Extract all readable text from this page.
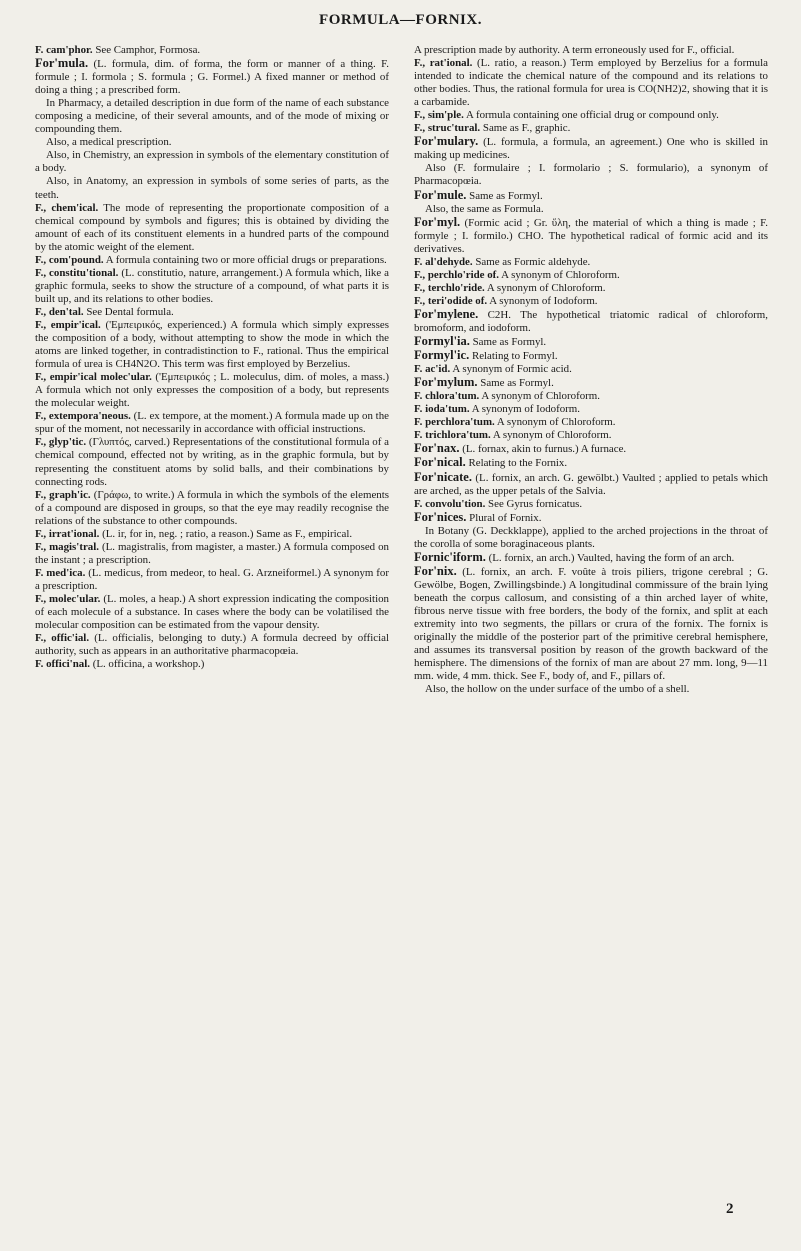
FORMULA—FORNIX.

F. cam'phor. See Camphor, Formosa.

For'mula. (L. formula, dim. of forma, the form or manner of a thing. F. formule ; I. formola ; S. formula ; G. Formel.) A fixed manner or method of doing a thing ; a prescribed form.

In Pharmacy, a detailed description in due form of the name of each substance composing a medicine, of their several amounts, and of the mode of mixing or compounding them.

Also, a medical prescription.

Also, in Chemistry, an expression in symbols of the elementary constitution of a body.

Also, in Anatomy, an expression in symbols of some series of parts, as the teeth.

F., chem'ical. The mode of representing the proportionate composition of a chemical compound by symbols and figures; this is obtained by dividing the amount of each of its constituent elements in a hundred parts of the compound by the atomic weight of the element.

F., com'pound. A formula containing two or more official drugs or preparations.

F., constitu'tional. (L. constitutio, nature, arrangement.) A formula which, like a graphic formula, seeks to show the structure of a compound, of what parts it is built up, and its relations to other bodies.

F., den'tal. See Dental formula.

F., empir'ical. ('Εμπειρικός, experienced.) A formula which simply expresses the composition of a body, without attempting to show the mode in which the atoms are linked together, in contradistinction to F., rational. Thus the empirical formula of urea is CH4N2O. This term was first employed by Berzelius.

F., empir'ical molec'ular. ('Εμπειρικός ; L. moleculus, dim. of moles, a mass.) A formula which not only expresses the composition of a body, but represents the molecular weight.

F., extempora'neous. (L. ex tempore, at the moment.) A formula made up on the spur of the moment, not necessarily in accordance with official instructions.

F., glyp'tic. (Γλυπτός, carved.) Representations of the constitutional formula of a chemical compound, effected not by writing, as in the graphic formula, but by representing the constituent atoms by solid balls, and their combinations by connecting rods.

F., graph'ic. (Γράφω, to write.) A formula in which the symbols of the elements of a compound are disposed in groups, so that the eye may readily recognise the relations of the substance to other compounds.

F., irrat'ional. (L. ir, for in, neg. ; ratio, a reason.) Same as F., empirical.

F., magis'tral. (L. magistralis, from magister, a master.) A formula composed on the instant ; a prescription.

F. med'ica. (L. medicus, from medeor, to heal. G. Arzneiformel.) A synonym for a prescription.

F., molec'ular. (L. moles, a heap.) A short expression indicating the composition of each molecule of a substance. In cases where the body can be volatilised the molecular composition can be estimated from the vapour density.

F., offic'ial. (L. officialis, belonging to duty.) A formula decreed by official authority, such as appears in an authoritative pharmacopœia.

F. offici'nal. (L. officina, a workshop.)

A prescription made by authority. A term erroneously used for F., official.

F., rat'ional. (L. ratio, a reason.) Term employed by Berzelius for a formula intended to indicate the chemical nature of the compound and its relations to other bodies. Thus, the rational formula for urea is CO(NH2)2, showing that it is a carbamide.

F., sim'ple. A formula containing one official drug or compound only.

F., struc'tural. Same as F., graphic.

For'mulary. (L. formula, a formula, an agreement.) One who is skilled in making up medicines.

Also (F. formulaire ; I. formolario ; S. formulario), a synonym of Pharmacopœia.

For'mule. Same as Formyl.

Also, the same as Formula.

For'myl. (Formic acid ; Gr. ὕλη, the material of which a thing is made ; F. formyle ; I. formilo.) CHO. The hypothetical radical of formic acid and its derivatives.

F. al'dehyde. Same as Formic aldehyde.

F., perchlo'ride of. A synonym of Chloroform.

F., terchlo'ride. A synonym of Chloroform.

F., teri'odide of. A synonym of Iodoform.

For'mylene. C2H. The hypothetical triatomic radical of chloroform, bromoform, and iodoform.

Formyl'ia. Same as Formyl.

Formyl'ic. Relating to Formyl.

F. ac'id. A synonym of Formic acid.

For'mylum. Same as Formyl.

F. chlora'tum. A synonym of Chloroform.

F. ioda'tum. A synonym of Iodoform.

F. perchlora'tum. A synonym of Chloroform.

F. trichlora'tum. A synonym of Chloroform.

For'nax. (L. fornax, akin to furnus.) A furnace.

For'nical. Relating to the Fornix.

For'nicate. (L. fornix, an arch. G. gewölbt.) Vaulted ; applied to petals which are arched, as the upper petals of the Salvia.

F. convolu'tion. See Gyrus fornicatus.

For'nices. Plural of Fornix.

In Botany (G. Deckklappe), applied to the arched projections in the throat of the corolla of some boraginaceous plants.

Fornic'iform. (L. fornix, an arch.) Vaulted, having the form of an arch.

For'nix. (L. fornix, an arch. F. voûte à trois piliers, trigone cerebral ; G. Gewölbe, Bogen, Zwillingsbinde.) A longitudinal commissure of the brain lying beneath the corpus callosum, and consisting of a thin arched layer of white, fibrous nerve tissue with free borders, the body of the fornix, and split at each extremity into two segments, the pillars or crura of the fornix. The fornix is originally the middle of the posterior part of the primitive cerebral hemisphere, and assumes its transversal position by reason of the growth backward of the hemisphere. The dimensions of the fornix of man are about 27 mm. long, 9—11 mm. wide, 4 mm. thick. See F., body of, and F., pillars of.

Also, the hollow on the under surface of the umbo of a shell.

2
